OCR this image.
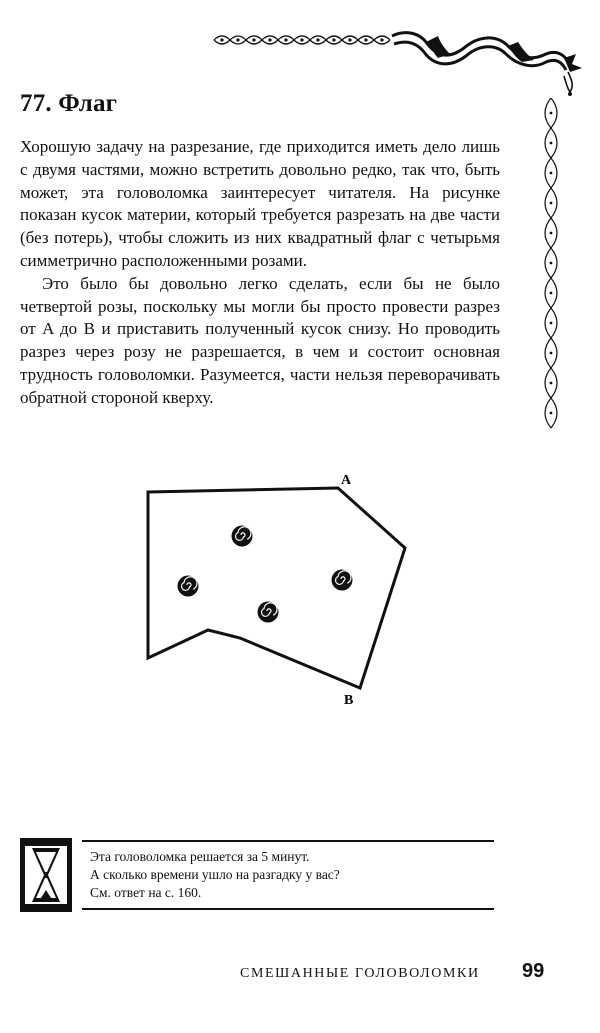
77. Флаг

Хорошую задачу на разрезание, где приходится иметь дело лишь с двумя частями, можно встретить довольно редко, так что, быть может, эта головоломка заинтересует читателя. На рисунке показан кусок материи, который требуется разрезать на две части (без потерь), чтобы сложить из них квадратный флаг с четырьмя симметрично расположенными розами.

Это было бы довольно легко сделать, если бы не было четвертой розы, поскольку мы могли бы просто провести разрез от A до B и приставить полученный кусок снизу. Но проводить разрез через розу не разрешается, в чем и состоит основная трудность головоломки. Разумеется, части нельзя переворачивать обратной стороной кверху.

A
B
Эта головоломка решается за 5 минут.
А сколько времени ушло на разгадку у вас?
См. ответ на с. 160.
СМЕШАННЫЕ ГОЛОВОЛОМКИ 99
